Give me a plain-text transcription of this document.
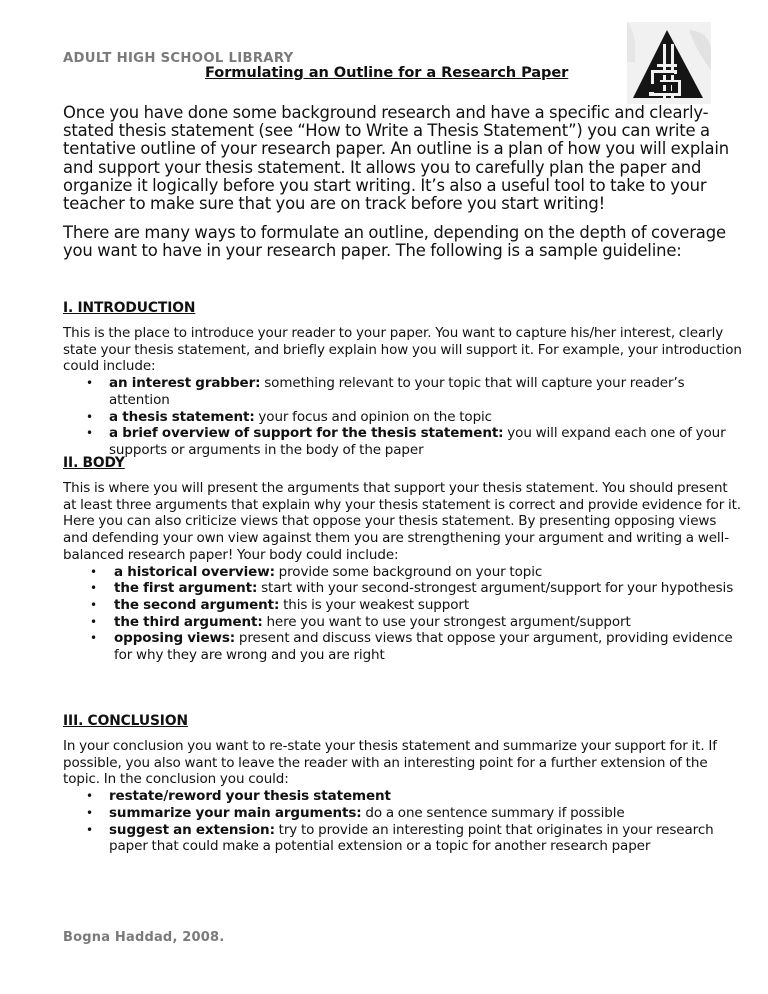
ADULT HIGH SCHOOL LIBRARY
Formulating an Outline for a Research Paper

Once you have done some background research and have a specific and clearly-stated thesis statement (see “How to Write a Thesis Statement”) you can write a tentative outline of your research paper. An outline is a plan of how you will explain and support your thesis statement. It allows you to carefully plan the paper and organize it logically before you start writing. It’s also a useful tool to take to your teacher to make sure that you are on track before you start writing!

There are many ways to formulate an outline, depending on the depth of coverage you want to have in your research paper. The following is a sample guideline:

I. INTRODUCTION

This is the place to introduce your reader to your paper. You want to capture his/her interest, clearly state your thesis statement, and briefly explain how you will support it. For example, your introduction could include:

• an interest grabber: something relevant to your topic that will capture your reader’s attention
• a thesis statement: your focus and opinion on the topic
• a brief overview of support for the thesis statement: you will expand each one of your supports or arguments in the body of the paper
II. BODY

This is where you will present the arguments that support your thesis statement. You should present at least three arguments that explain why your thesis statement is correct and provide evidence for it. Here you can also criticize views that oppose your thesis statement. By presenting opposing views and defending your own view against them you are strengthening your argument and writing a well-balanced research paper! Your body could include:

• a historical overview: provide some background on your topic
• the first argument: start with your second-strongest argument/support for your hypothesis
• the second argument: this is your weakest support
• the third argument: here you want to use your strongest argument/support
• opposing views: present and discuss views that oppose your argument, providing evidence for why they are wrong and you are right
III. CONCLUSION

In your conclusion you want to re-state your thesis statement and summarize your support for it. If possible, you also want to leave the reader with an interesting point for a further extension of the topic. In the conclusion you could:

• restate/reword your thesis statement
• summarize your main arguments: do a one sentence summary if possible
• suggest an extension: try to provide an interesting point that originates in your research paper that could make a potential extension or a topic for another research paper
Bogna Haddad, 2008.
